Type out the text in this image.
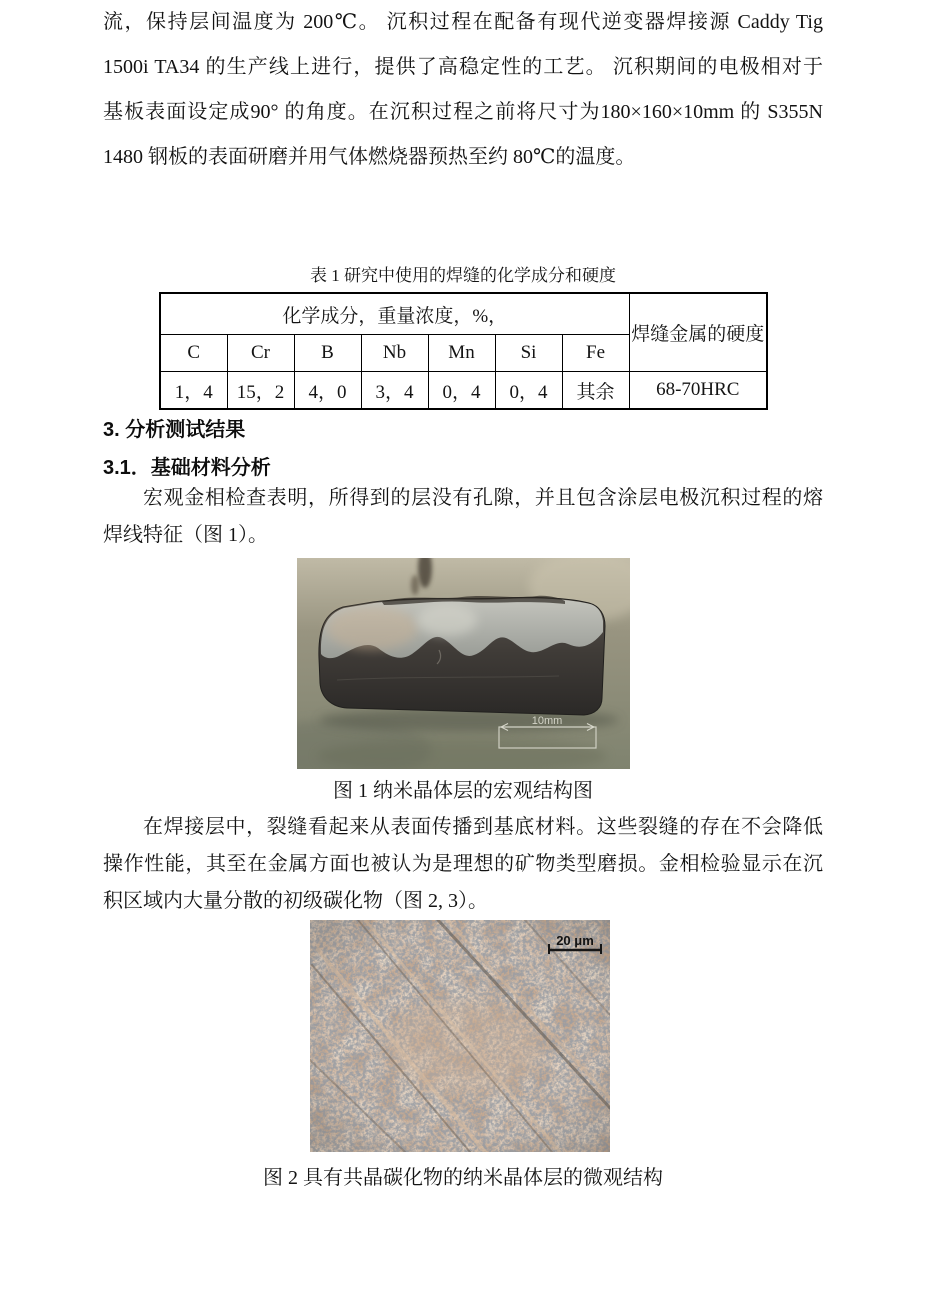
流，保持层间温度为 200℃。 沉积过程在配备有现代逆变器焊接源 Caddy Tig
1500i TA34 的生产线上进行，提供了高稳定性的工艺。 沉积期间的电极相对于
基板表面设定成90° 的角度。在沉积过程之前将尺寸为180×160×10mm 的 S355N
1480 钢板的表面研磨并用气体燃烧器预热至约 80℃的温度。
表 1 研究中使用的焊缝的化学成分和硬度
化学成分，重量浓度，%，							焊缝金属的硬度
C	Cr	B	Nb	Mn	Si	Fe	
1，4	15，2	4，0	3，4	0，4	0，4	其余	68-70HRC
3. 分析测试结果
3.1．基础材料分析
宏观金相检查表明，所得到的层没有孔隙，并且包含涂层电极沉积过程的熔
焊线特征（图 1）。
10mm
图 1 纳米晶体层的宏观结构图
在焊接层中，裂缝看起来从表面传播到基底材料。这些裂缝的存在不会降低
操作性能，其至在金属方面也被认为是理想的矿物类型磨损。金相检验显示在沉
积区域内大量分散的初级碳化物（图 2, 3）。
20 μm
图 2 具有共晶碳化物的纳米晶体层的微观结构
